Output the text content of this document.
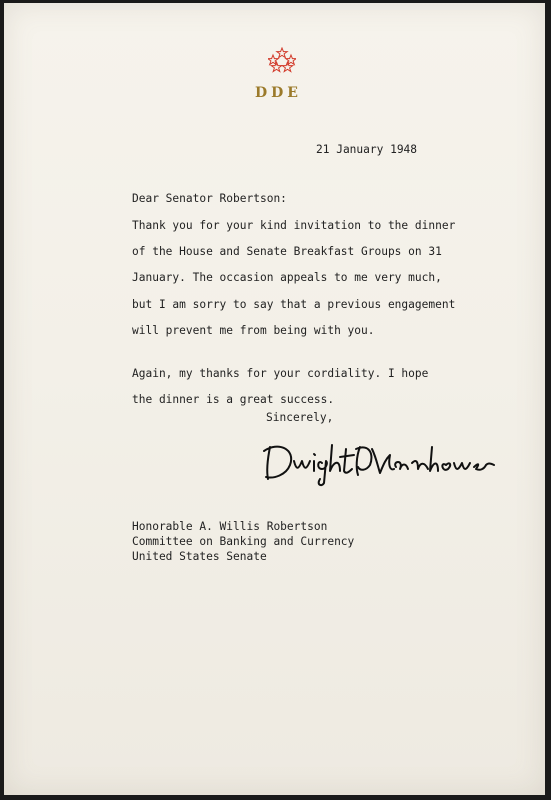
DDE
21 January 1948
Dear Senator Robertson:
Thank you for your kind invitation to the dinner
of the House and Senate Breakfast Groups on 31
January. The occasion appeals to me very much,
but I am sorry to say that a previous engagement
will prevent me from being with you.
Again, my thanks for your cordiality. I hope
the dinner is a great success.
Sincerely,
Honorable A. Willis Robertson
Committee on Banking and Currency
United States Senate
